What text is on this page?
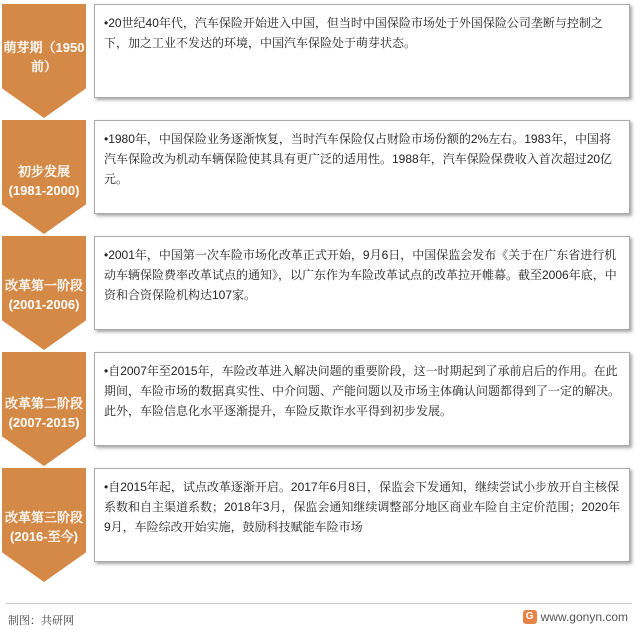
萌芽期（1950
前）
•20世纪40年代，汽车保险开始进入中国，但当时中国保险市场处于外国保险公司垄断与控制之下，加之工业不发达的环境，中国汽车保险处于萌芽状态。
初步发展
(1981-2000)
•1980年，中国保险业务逐渐恢复，当时汽车保险仅占财险市场份额的2%左右。1983年，中国将汽车保险改为机动车辆保险使其具有更广泛的适用性。1988年，汽车保险保费收入首次超过20亿元。
改革第一阶段
(2001-2006)
•2001年，中国第一次车险市场化改革正式开始，9月6日，中国保监会发布《关于在广东省进行机动车辆保险费率改革试点的通知》，以广东作为车险改革试点的改革拉开帷幕。截至2006年底，中资和合资保险机构达107家。
改革第二阶段
(2007-2015)
•自2007年至2015年，车险改革进入解决问题的重要阶段，这一时期起到了承前启后的作用。在此期间，车险市场的数据真实性、中介问题、产能问题以及市场主体确认问题都得到了一定的解决。此外，车险信息化水平逐渐提升，车险反欺诈水平得到初步发展。
改革第三阶段
(2016-至今)
•自2015年起，试点改革逐渐开启。2017年6月8日，保监会下发通知，继续尝试小步放开自主核保系数和自主渠道系数；2018年3月，保监会通知继续调整部分地区商业车险自主定价范围；2020年9月，车险综改开始实施，鼓励科技赋能车险市场
制图：共研网	G www.gonyn.com
